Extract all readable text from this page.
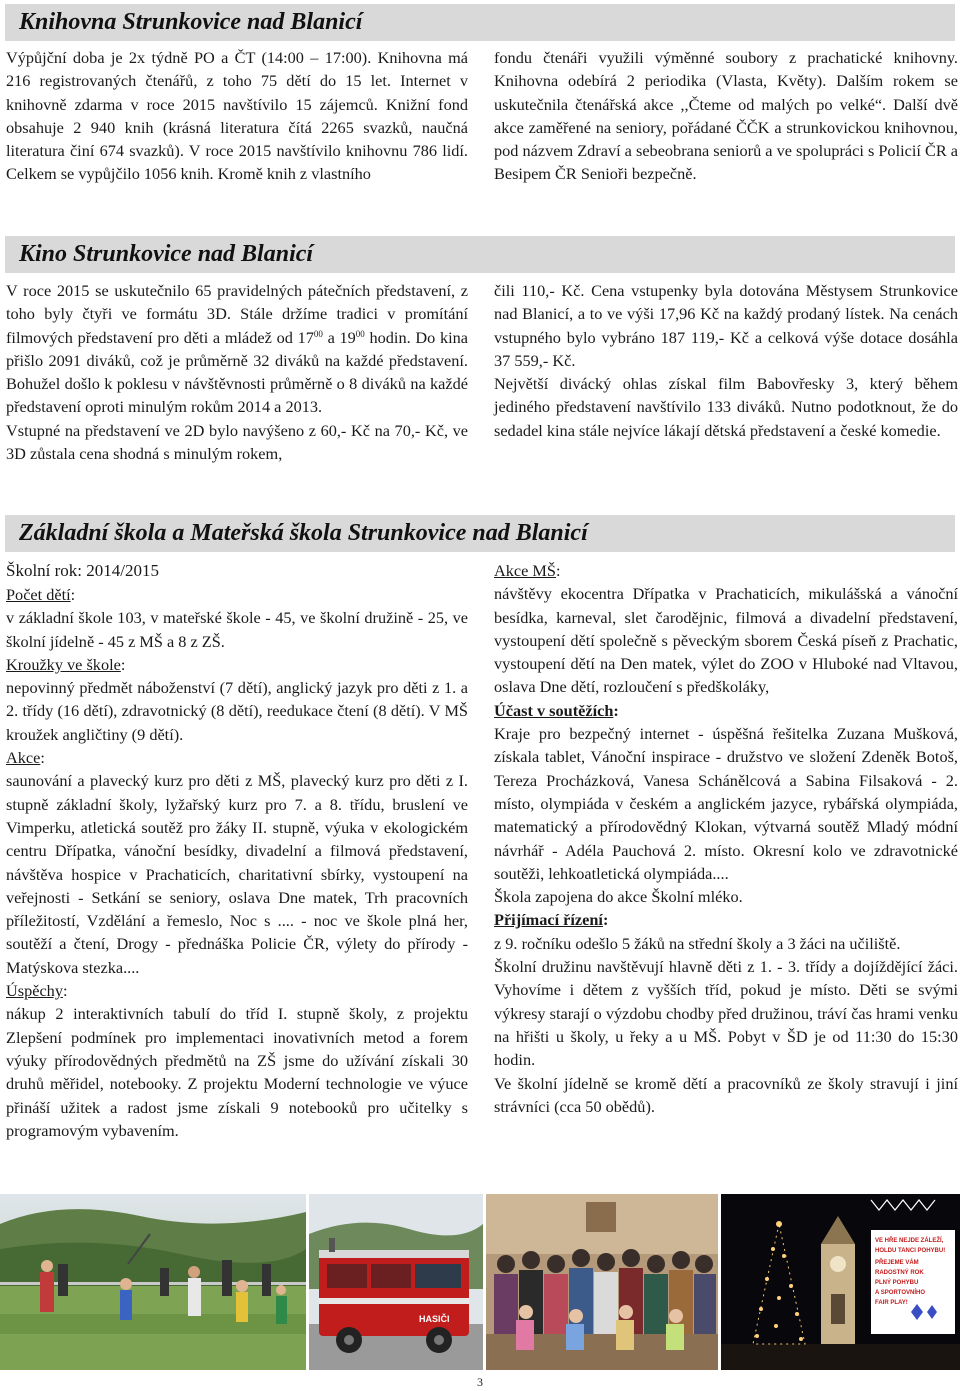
Knihovna Strunkovice nad Blanicí

Výpůjční doba je 2x týdně PO a ČT (14:00 – 17:00). Knihovna má 216 registrovaných čtenářů, z toho 75 dětí do 15 let. Internet v knihovně zdarma v roce 2015 navštívilo 15 zájemců. Knižní fond obsahuje 2 940 knih (krásná literatura čítá 2265 svazků, naučná literatura činí 674 svazků). V roce 2015 navštívilo knihovnu 786 lidí. Celkem se vypůjčilo 1056 knih. Kromě knih z vlastního

fondu čtenáři využili výměnné soubory z prachatické knihovny. Knihovna odebírá 2 periodika (Vlasta, Květy). Dalším rokem se uskutečnila čtenářská akce ,,Čteme od malých po velké“. Další dvě akce zaměřené na seniory, pořádané ČČK a strunkovickou knihovnou, pod názvem Zdraví a sebeobrana seniorů a ve spolupráci s Policií ČR a Besipem ČR Senioři bezpečně.

Kino Strunkovice nad Blanicí

V roce 2015 se uskutečnilo 65 pravidelných pátečních představení, z toho byly čtyři ve formátu 3D. Stále držíme tradici v promítání filmových představení pro děti a mládež od $17^{00}$ a $19^{00}$ hodin. Do kina přišlo 2091 diváků, což je průměrně 32 diváků na každé představení. Bohužel došlo k poklesu v návštěvnosti průměrně o 8 diváků na každé představení oproti minulým rokům 2014 a 2013.

Vstupné na představení ve 2D bylo navýšeno z 60,- Kč na 70,- Kč, ve 3D zůstala cena shodná s minulým rokem,

čili 110,- Kč. Cena vstupenky byla dotována Městysem Strunkovice nad Blanicí, a to ve výši 17,96 Kč na každý prodaný lístek. Na cenách vstupného bylo vybráno 187 119,- Kč a celková výše dotace dosáhla 37 559,- Kč.

Největší divácký ohlas získal film Babovřesky 3, který během jediného představení navštívilo 133 diváků. Nutno podotknout, že do sedadel kina stále nejvíce lákají dětská představení a české komedie.

Základní škola a Mateřská škola Strunkovice nad Blanicí

Školní rok: 2014/2015

Počet dětí:

v základní škole 103, v mateřské škole - 45, ve školní družině - 25, ve školní jídelně - 45 z MŠ a 8 z ZŠ.

Kroužky ve škole:

nepovinný předmět náboženství (7 dětí), anglický jazyk pro děti z 1. a 2. třídy (16 dětí), zdravotnický (8 dětí), reedukace čtení (8 dětí). V MŠ kroužek angličtiny (9 dětí).

Akce:

saunování a plavecký kurz pro děti z MŠ, plavecký kurz pro děti z I. stupně základní školy, lyžařský kurz pro 7. a 8. třídu, bruslení ve Vimperku, atletická soutěž pro žáky II. stupně, výuka v ekologickém centru Dřípatka, vánoční besídky, divadelní a filmová představení, návštěva hospice v Prachaticích, charitativní sbírky, vystoupení na veřejnosti - Setkání se seniory, oslava Dne matek, Trh pracovních příležitostí, Vzdělání a řemeslo, Noc s .... - noc ve škole plná her, soutěží a čtení, Drogy - přednáška Policie ČR, výlety do přírody - Matýskova stezka....

Úspěchy:

nákup 2 interaktivních tabulí do tříd I. stupně školy, z projektu Zlepšení podmínek pro implementaci inovativních metod a forem výuky přírodovědných předmětů na ZŠ jsme do užívání získali 30 druhů měřidel, notebooky. Z projektu Moderní technologie ve výuce přináší užitek a radost jsme získali 9 notebooků pro učitelky s programovým vybavením.

Akce MŠ:

návštěvy ekocentra Dřípatka v Prachaticích, mikulášská a vánoční besídka, karneval, slet čarodějnic, filmová a divadelní představení, vystoupení dětí společně s pěveckým sborem Česká píseň z Prachatic, vystoupení dětí na Den matek, výlet do ZOO v Hluboké nad Vltavou, oslava Dne dětí, rozloučení s předškoláky,

Účast v soutěžích:

Kraje pro bezpečný internet - úspěšná řešitelka Zuzana Mušková, získala tablet, Vánoční inspirace - družstvo ve složení Zdeněk Botoš, Tereza Procházková, Vanesa Schánělcová a Sabina Filsaková - 2. místo, olympiáda v českém a anglickém jazyce, rybářská olympiáda, matematický a přírodovědný Klokan, výtvarná soutěž Mladý módní návrhář - Adéla Pauchová 2. místo. Okresní kolo ve zdravotnické soutěži, lehkoatletická olympiáda....

Škola zapojena do akce Školní mléko.

Přijímací řízení:

z 9. ročníku odešlo 5 žáků na střední školy a 3 žáci na učiliště.

Školní družinu navštěvují hlavně děti z 1. - 3. třídy a dojíždějící žáci. Vyhovíme i dětem z vyšších tříd, pokud je místo. Děti se svými výkresy starají o výzdobu chodby před družinou, tráví čas hrami venku na hřišti u školy, u řeky a u MŠ. Pobyt v ŠD je od 11:30 do 15:30 hodin.

Ve školní jídelně se kromě dětí a pracovníků ze školy stravují i jiní strávníci (cca 50 obědů).

HASIČI
VE HŘE NEJDE ZÁLEŽÍ,
HOLDU TANCI POHYBU!
PŘEJEME VÁM
RADOSTNÝ ROK
PLNÝ POHYBU
A SPORTOVNÍHO
FAIR PLAY!
3
